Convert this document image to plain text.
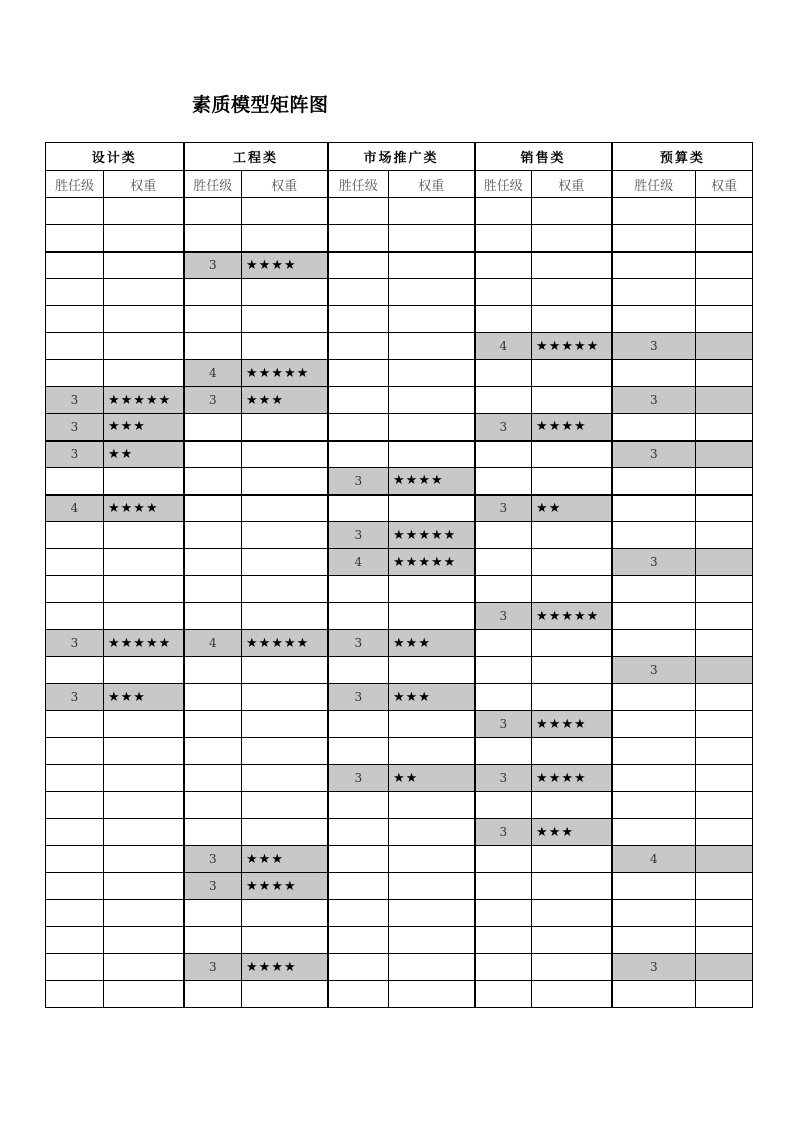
素质模型矩阵图
设计类		工程类		市场推广类		销售类		预算类	
胜任级	权重	胜任级	权重	胜任级	权重	胜任级	权重	胜任级	权重

		3	★★★★						

						4	★★★★★	3	
		4	★★★★★						
3	★★★★★	3	★★★					3	
3	★★★					3	★★★★		
3	★★							3	
				3	★★★★				
4	★★★★					3	★★		
				3	★★★★★				
				4	★★★★★			3	

						3	★★★★★		
3	★★★★★	4	★★★★★	3	★★★				
								3	
3	★★★			3	★★★				
						3	★★★★		

				3	★★	3	★★★★		

						3	★★★		
		3	★★★					4	
		3	★★★★						

		3	★★★★					3	
